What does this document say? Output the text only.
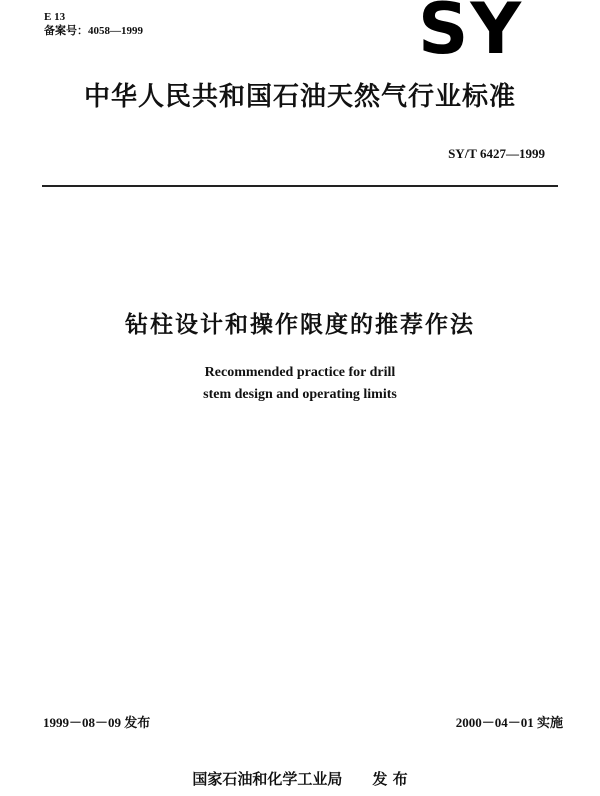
E 13
备案号：4058—1999	SY
中华人民共和国石油天然气行业标准
SY/T 6427—1999
钻柱设计和操作限度的推荐作法
Recommended practice for drill
stem design and operating limits
1999－08－09 发布	2000－04－01 实施
国家石油和化学工业局 发 布
